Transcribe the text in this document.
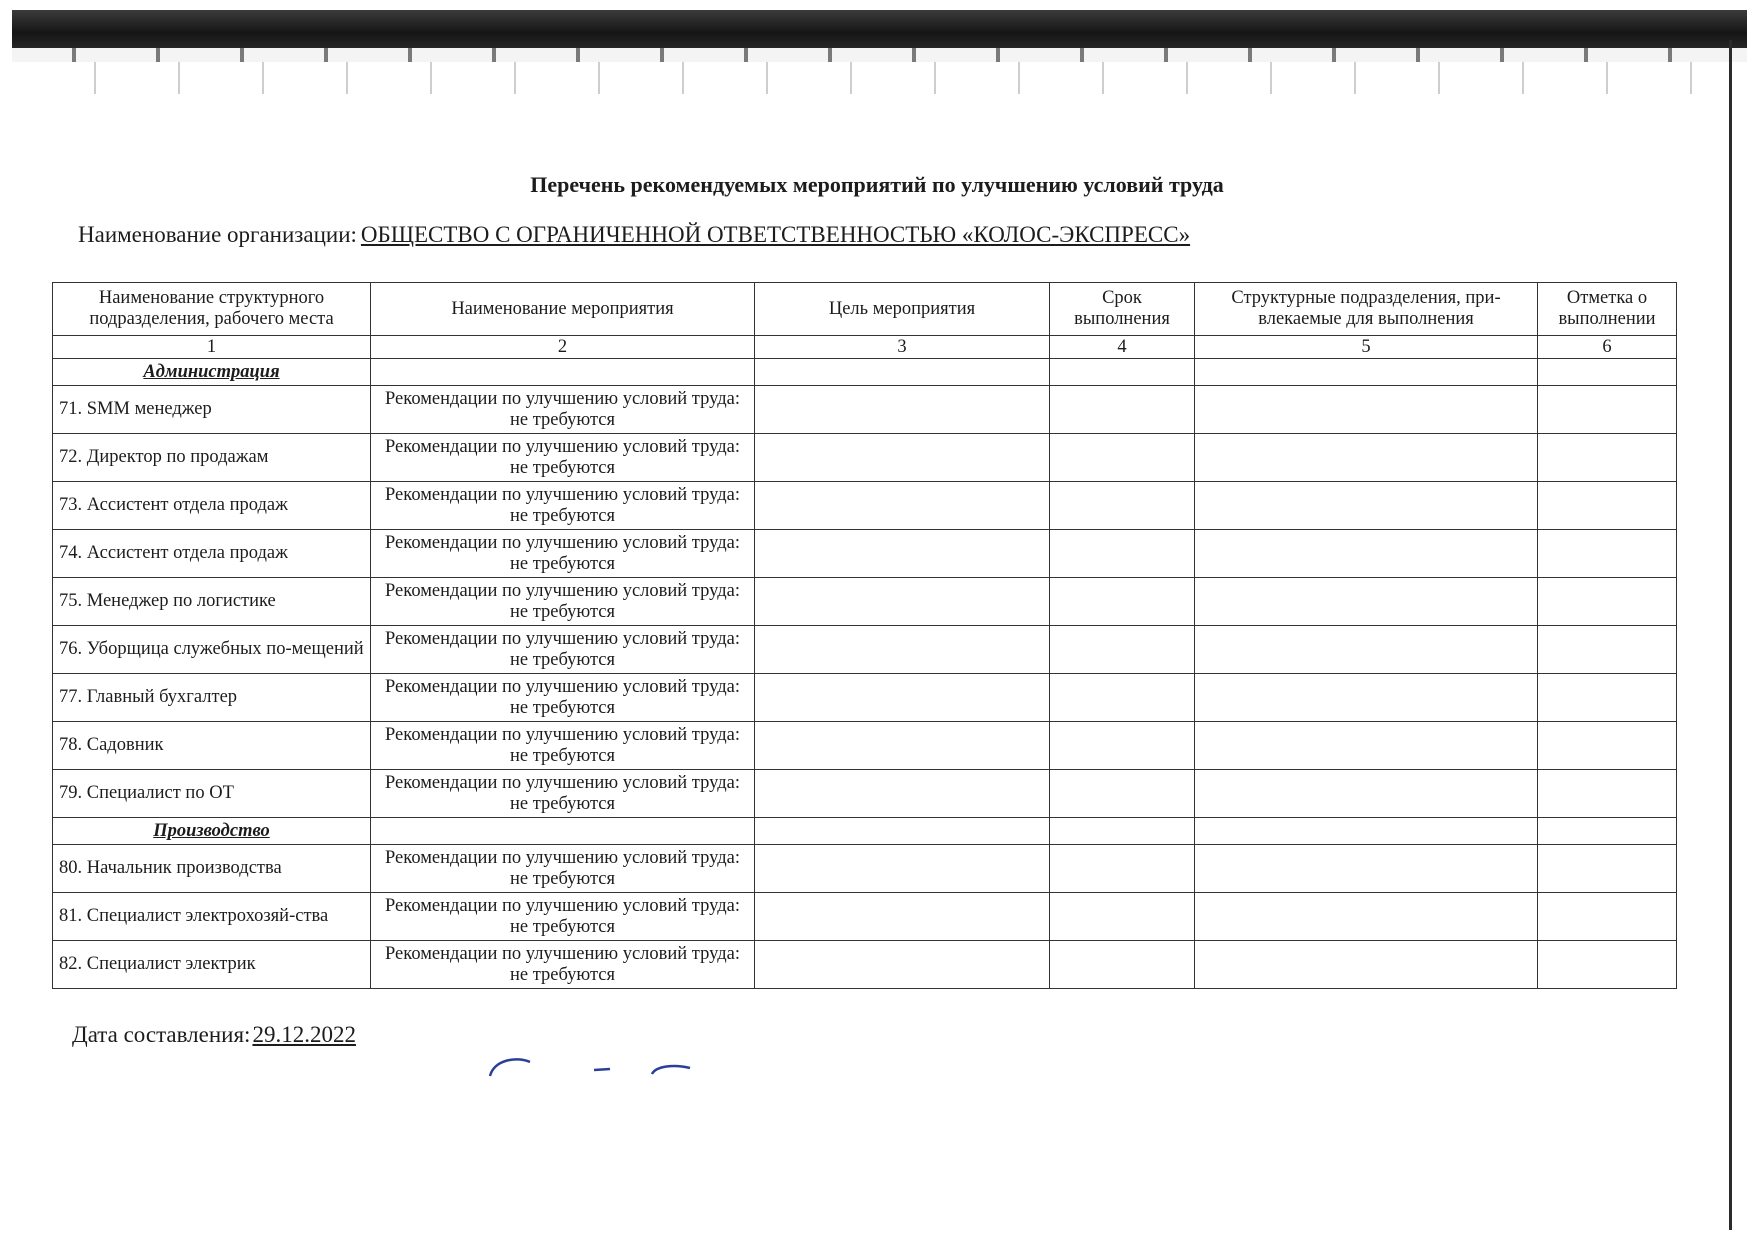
Перечень рекомендуемых мероприятий по улучшению условий труда
Наименование организации: ОБЩЕСТВО С ОГРАНИЧЕННОЙ ОТВЕТСТВЕННОСТЬЮ «КОЛОС-ЭКСПРЕСС»
Наименование структурного подразделения, рабочего места	Наименование мероприятия	Цель мероприятия	Срок выполнения	Структурные подразделения, при-влекаемые для выполнения	Отметка о выполнении
1	2	3	4	5	6
Администрация					
71. SMM менеджер	Рекомендации по улучшению условий труда: не требуются				
72. Директор по продажам	Рекомендации по улучшению условий труда: не требуются				
73. Ассистент отдела продаж	Рекомендации по улучшению условий труда: не требуются				
74. Ассистент отдела продаж	Рекомендации по улучшению условий труда: не требуются				
75. Менеджер по логистике	Рекомендации по улучшению условий труда: не требуются				
76. Уборщица служебных по-мещений	Рекомендации по улучшению условий труда: не требуются				
77. Главный бухгалтер	Рекомендации по улучшению условий труда: не требуются				
78. Садовник	Рекомендации по улучшению условий труда: не требуются				
79. Специалист по ОТ	Рекомендации по улучшению условий труда: не требуются				
Производство					
80. Начальник производства	Рекомендации по улучшению условий труда: не требуются				
81. Специалист электрохозяй-ства	Рекомендации по улучшению условий труда: не требуются				
82. Специалист электрик	Рекомендации по улучшению условий труда: не требуются				
Дата составления:29.12.2022
